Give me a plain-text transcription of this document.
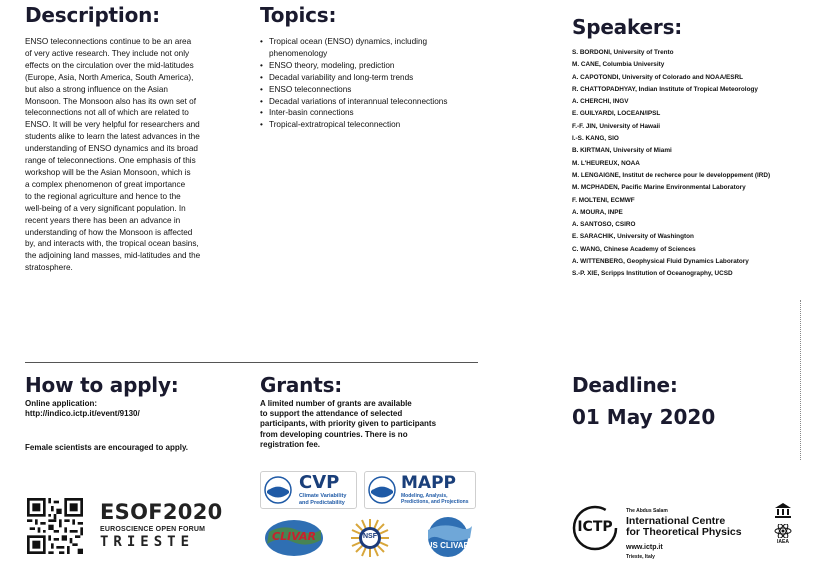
Description:
ENSO teleconnections continue to be an area
of very active research. They include not only
effects on the circulation over the mid-latitudes
(Europe, Asia, North America, South America),
but also a strong influence on the Asian
Monsoon. The Monsoon also has its own set of
teleconnections not all of which are related to
ENSO. It will be very helpful for researchers and
students alike to learn the latest advances in the
understanding of ENSO dynamics and its broad
range of teleconnections. One emphasis of this
workshop will be the Asian Monsoon, which is
a complex phenomenon of great importance
to the regional agriculture and hence to the
well-being of a very significant population. In
recent years there has been an advance in
understanding of how the Monsoon is affected
by, and interacts with, the tropical ocean basins,
the adjoining land masses, mid-latitudes and the
stratosphere.
Topics:
• Tropical ocean (ENSO) dynamics, including phenomenology
• ENSO theory, modeling, prediction
• Decadal variability and long-term trends
• ENSO teleconnections
• Decadal variations of interannual teleconnections
• Inter-basin connections
• Tropical-extratropical teleconnection
Speakers:
S. BORDONI, University of Trento
M. CANE, Columbia University
A. CAPOTONDI, University of Colorado and NOAA/ESRL
R. CHATTOPADHYAY, Indian Institute of Tropical Meteorology
A. CHERCHI, INGV
E. GUILYARDI, LOCEAN/IPSL
F.-F. JIN, University of Hawaii
I.-S. KANG, SIO
B. KIRTMAN, University of Miami
M. L'HEUREUX, NOAA
M. LENGAIGNE, Institut de recherce pour le developpement (IRD)
M. MCPHADEN, Pacific Marine Environmental Laboratory
F. MOLTENI, ECMWF
A. MOURA, INPE
A. SANTOSO, CSIRO
E. SARACHIK, University of Washington
C. WANG, Chinese Academy of Sciences
A. WITTENBERG, Geophysical Fluid Dynamics Laboratory
S.-P. XIE, Scripps Institution of Oceanography, UCSD
How to apply:
Online application:
http://indico.ictp.it/event/9130/
Female scientists are encouraged to apply.
Grants:
A limited number of grants are available
to support the attendance of selected
participants, with priority given to participants
from developing countries. There is no
registration fee.
Deadline:
01 May 2020
ESOF2020
EUROSCIENCE OPEN FORUM
TRIESTE
CVP
Climate Variability
and Predictability
MAPP
Modeling, Analysis,
Predictions, and Projections
CLIVAR	NSF
US CLIVAR
ICTP
The Abdus Salam
International Centre
for Theoretical Physics
www.ictp.it
Trieste, Italy
IAEA
